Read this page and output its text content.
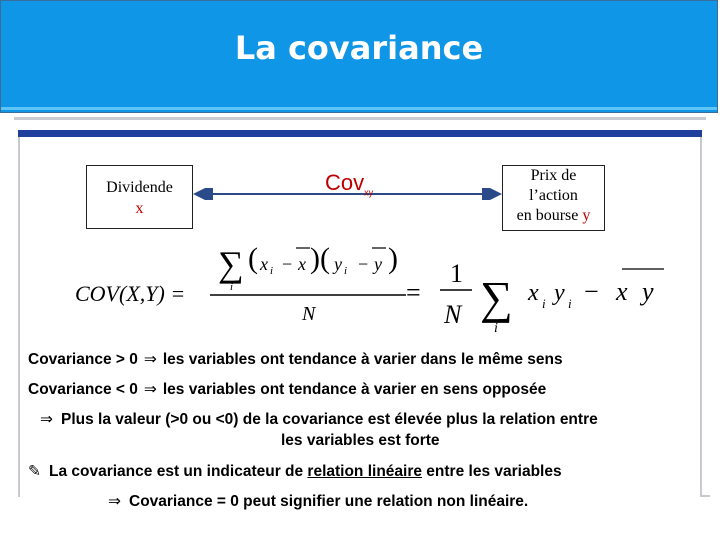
La covariance
Dividende
x
Cov$_{xy}$
Prix de
l’action
en bourse y
COV(X,Y) =
∑
i
( x i − x )( y i − y )
N
=
1
N ∑
i
x i y i − x y
Covariance > 0 ⇒ les variables ont tendance à varier dans le même sens
Covariance < 0 ⇒ les variables ont tendance à varier en sens opposée
⇒ Plus la valeur (>0 ou <0) de la covariance est élevée plus la relation entre
les variables est forte
✎ La covariance est un indicateur de relation linéaire entre les variables
⇒ Covariance = 0 peut signifier une relation non linéaire.
